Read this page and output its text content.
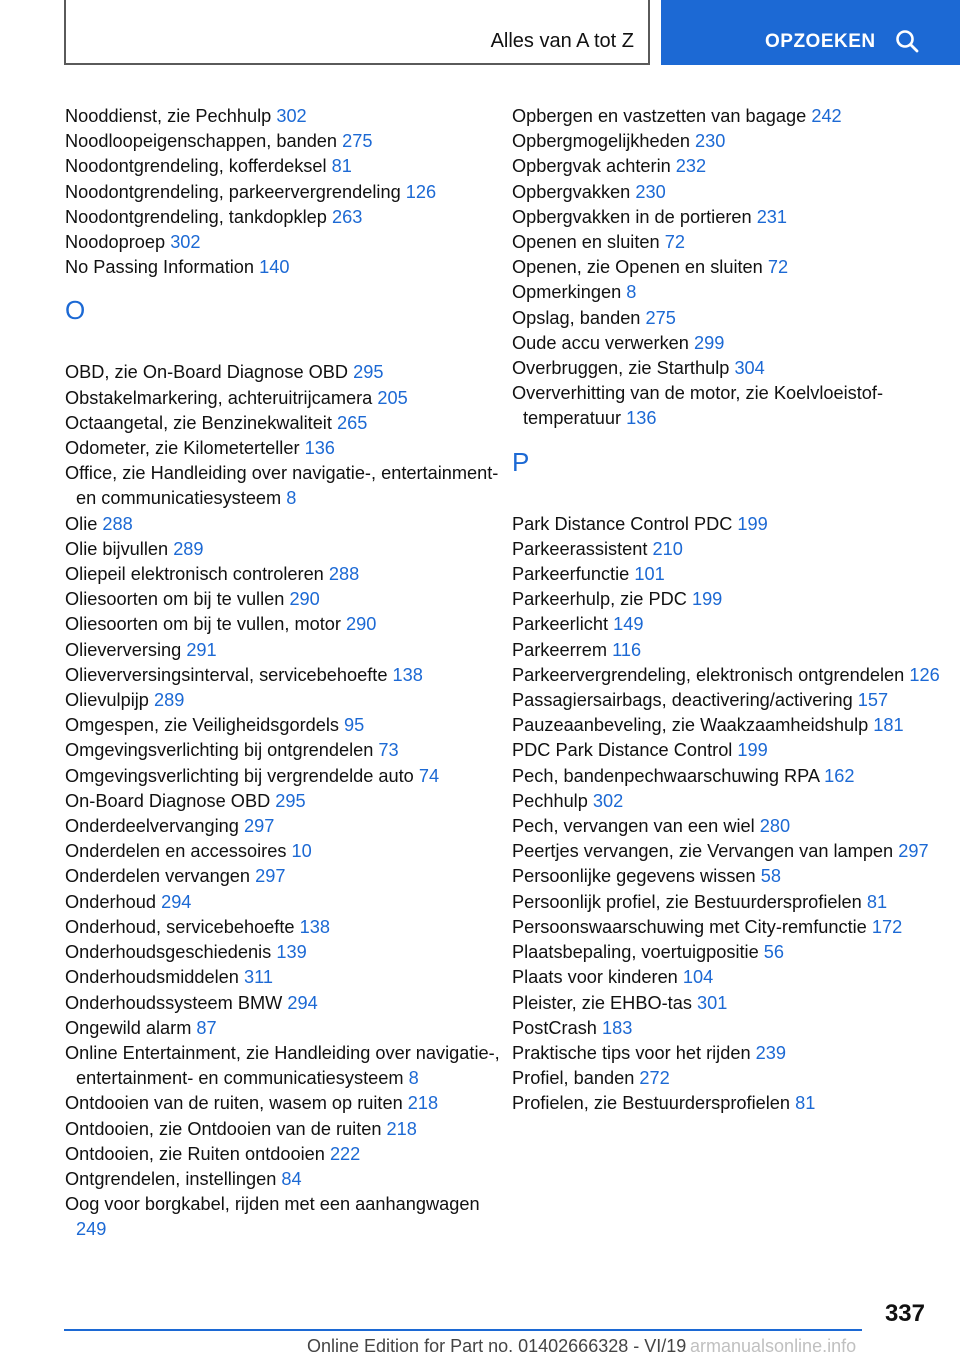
Alles van A tot Z	OPZOEKEN
Nooddienst, zie Pechhulp 302
Noodloopeigenschappen, banden 275
Noodontgrendeling, kofferdeksel 81
Noodontgrendeling, parkeervergrendeling 126
Noodontgrendeling, tankdopklep 263
Noodoproep 302
No Passing Information 140
O
OBD, zie On-Board Diagnose OBD 295
Obstakelmarkering, achteruitrijcamera 205
Octaangetal, zie Benzinekwaliteit 265
Odometer, zie Kilometerteller 136
Office, zie Handleiding over navigatie-, entertainment- en communicatiesysteem 8
Olie 288
Olie bijvullen 289
Oliepeil elektronisch controleren 288
Oliesoorten om bij te vullen 290
Oliesoorten om bij te vullen, motor 290
Olieverversing 291
Olieverversingsinterval, servicebehoefte 138
Olievulpijp 289
Omgespen, zie Veiligheidsgordels 95
Omgevingsverlichting bij ontgrendelen 73
Omgevingsverlichting bij vergrendelde auto 74
On-Board Diagnose OBD 295
Onderdeelvervanging 297
Onderdelen en accessoires 10
Onderdelen vervangen 297
Onderhoud 294
Onderhoud, servicebehoefte 138
Onderhoudsgeschiedenis 139
Onderhoudsmiddelen 311
Onderhoudssysteem BMW 294
Ongewild alarm 87
Online Entertainment, zie Handleiding over navigatie-, entertainment- en communicatiesysteem 8
Ontdooien van de ruiten, wasem op ruiten 218
Ontdooien, zie Ontdooien van de ruiten 218
Ontdooien, zie Ruiten ontdooien 222
Ontgrendelen, instellingen 84
Oog voor borgkabel, rijden met een aanhangwagen 249
Opbergen en vastzetten van bagage 242
Opbergmogelijkheden 230
Opbergvak achterin 232
Opbergvakken 230
Opbergvakken in de portieren 231
Openen en sluiten 72
Openen, zie Openen en sluiten 72
Opmerkingen 8
Opslag, banden 275
Oude accu verwerken 299
Overbruggen, zie Starthulp 304
Oververhitting van de motor, zie Koelvloeistoftemperatuur 136
P
Park Distance Control PDC 199
Parkeerassistent 210
Parkeerfunctie 101
Parkeerhulp, zie PDC 199
Parkeerlicht 149
Parkeerrem 116
Parkeervergrendeling, elektronisch ontgrendelen 126
Passagiersairbags, deactivering/activering 157
Pauzeaanbeveling, zie Waakzaamheidshulp 181
PDC Park Distance Control 199
Pech, bandenpechwaarschuwing RPA 162
Pechhulp 302
Pech, vervangen van een wiel 280
Peertjes vervangen, zie Vervangen van lampen 297
Persoonlijke gegevens wissen 58
Persoonlijk profiel, zie Bestuurdersprofielen 81
Persoonswaarschuwing met City-remfunctie 172
Plaatsbepaling, voertuigpositie 56
Plaats voor kinderen 104
Pleister, zie EHBO-tas 301
PostCrash 183
Praktische tips voor het rijden 239
Profiel, banden 272
Profielen, zie Bestuurdersprofielen 81
337
Online Edition for Part no. 01402666328 - VI/19 armanualsonline.info
